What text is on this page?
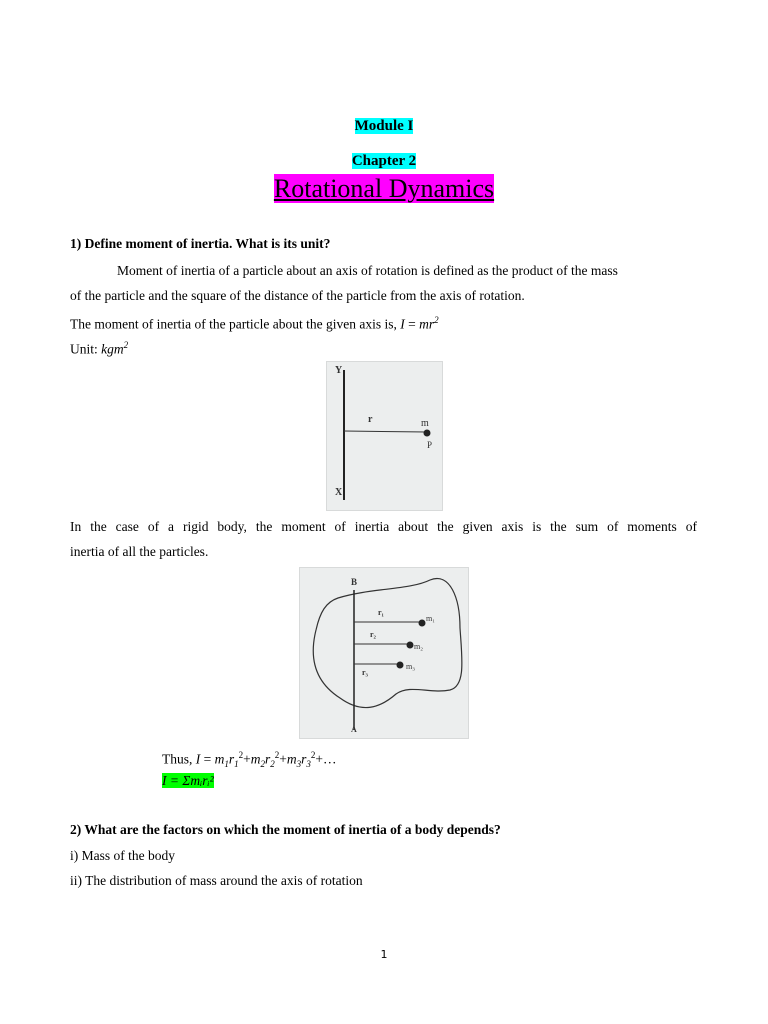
Module I
Chapter 2
Rotational Dynamics
1) Define moment of inertia. What is its unit?
Moment of inertia of a particle about an axis of rotation is defined as the product of the mass
of the particle and the square of the distance of the particle from the axis of rotation.
The moment of inertia of the particle about the given axis is, $I = mr^2$
Unit: kgm$^2$
Y
X
r	m
P
In the case of a rigid body, the moment of inertia about the given axis is the sum of moments of
inertia of all the particles.
B
A
r₁
m₁
r₂
m₂
r₃
m₃
Thus, $I = m_1r_1^2+m_2r_2^2+m_3r_3^2+\dots$
I = Σmᵢrᵢ²
2) What are the factors on which the moment of inertia of a body depends?
i) Mass of the body
ii) The distribution of mass around the axis of rotation
1
